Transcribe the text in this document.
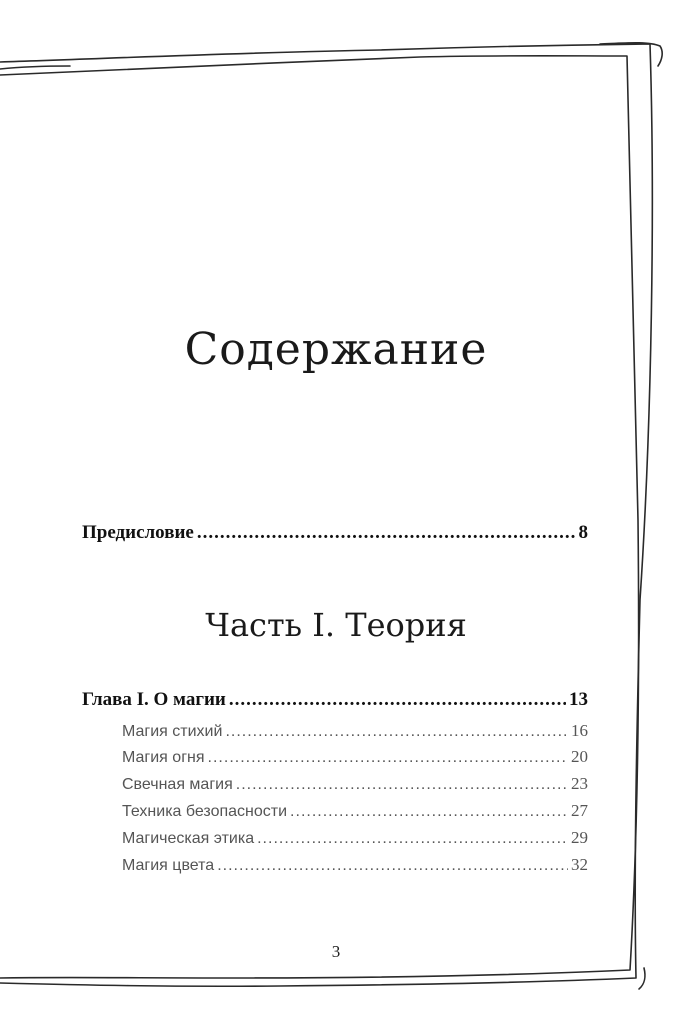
Содержание
Предисловие .....	8
Часть I. Теория
Глава I. О магии .....	13
Магия стихий .....	16
Магия огня .....	20
Свечная магия .....	23
Техника безопасности .....	27
Магическая этика .....	29
Магия цвета .....	32
3
